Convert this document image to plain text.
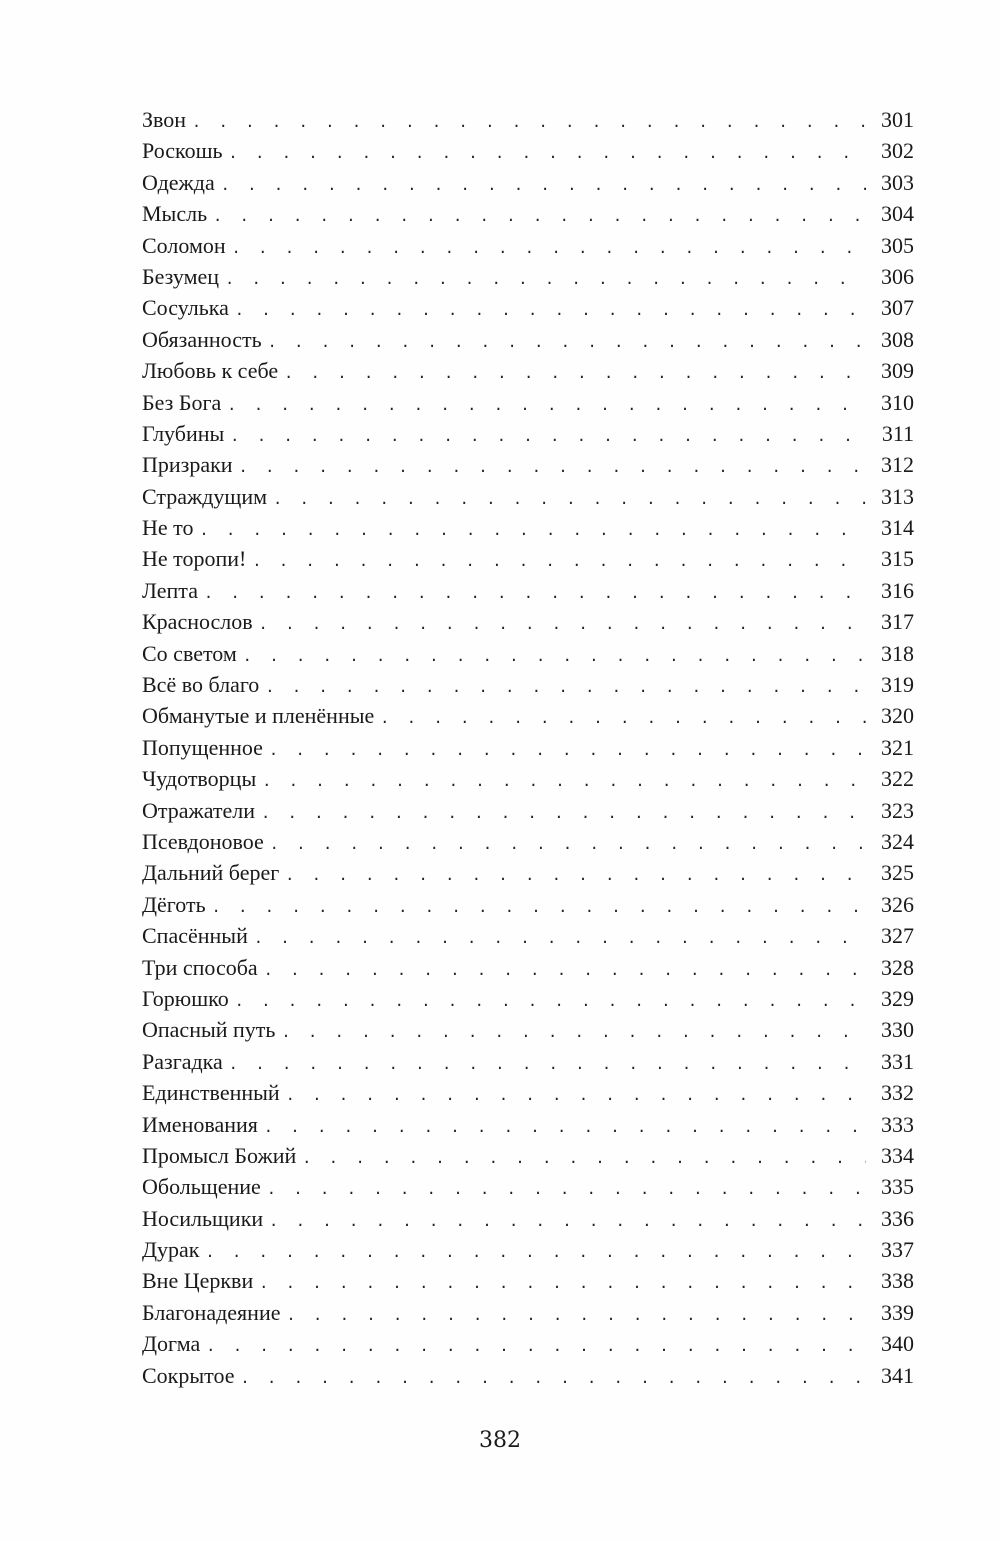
Звон . . .	301
Роскошь . . .	302
Одежда . . .	303
Мысль . . .	304
Соломон . . .	305
Безумец . . .	306
Сосулька . . .	307
Обязанность . . .	308
Любовь к себе . . .	309
Без Бога . . .	310
Глубины . . .	311
Призраки . . .	312
Страждущим . . .	313
Не то . . .	314
Не торопи! . . .	315
Лепта . . .	316
Краснослов . . .	317
Со светом . . .	318
Всё во благо . . .	319
Обманутые и пленённые . . .	320
Попущенное . . .	321
Чудотворцы . . .	322
Отражатели . . .	323
Псевдоновое . . .	324
Дальний берег . . .	325
Дёготь . . .	326
Спасённый . . .	327
Три способа . . .	328
Горюшко . . .	329
Опасный путь . . .	330
Разгадка . . .	331
Единственный . . .	332
Именования . . .	333
Промысл Божий . . .	334
Обольщение . . .	335
Носильщики . . .	336
Дурак . . .	337
Вне Церкви . . .	338
Благонадеяние . . .	339
Догма . . .	340
Сокрытое . . .	341
382
